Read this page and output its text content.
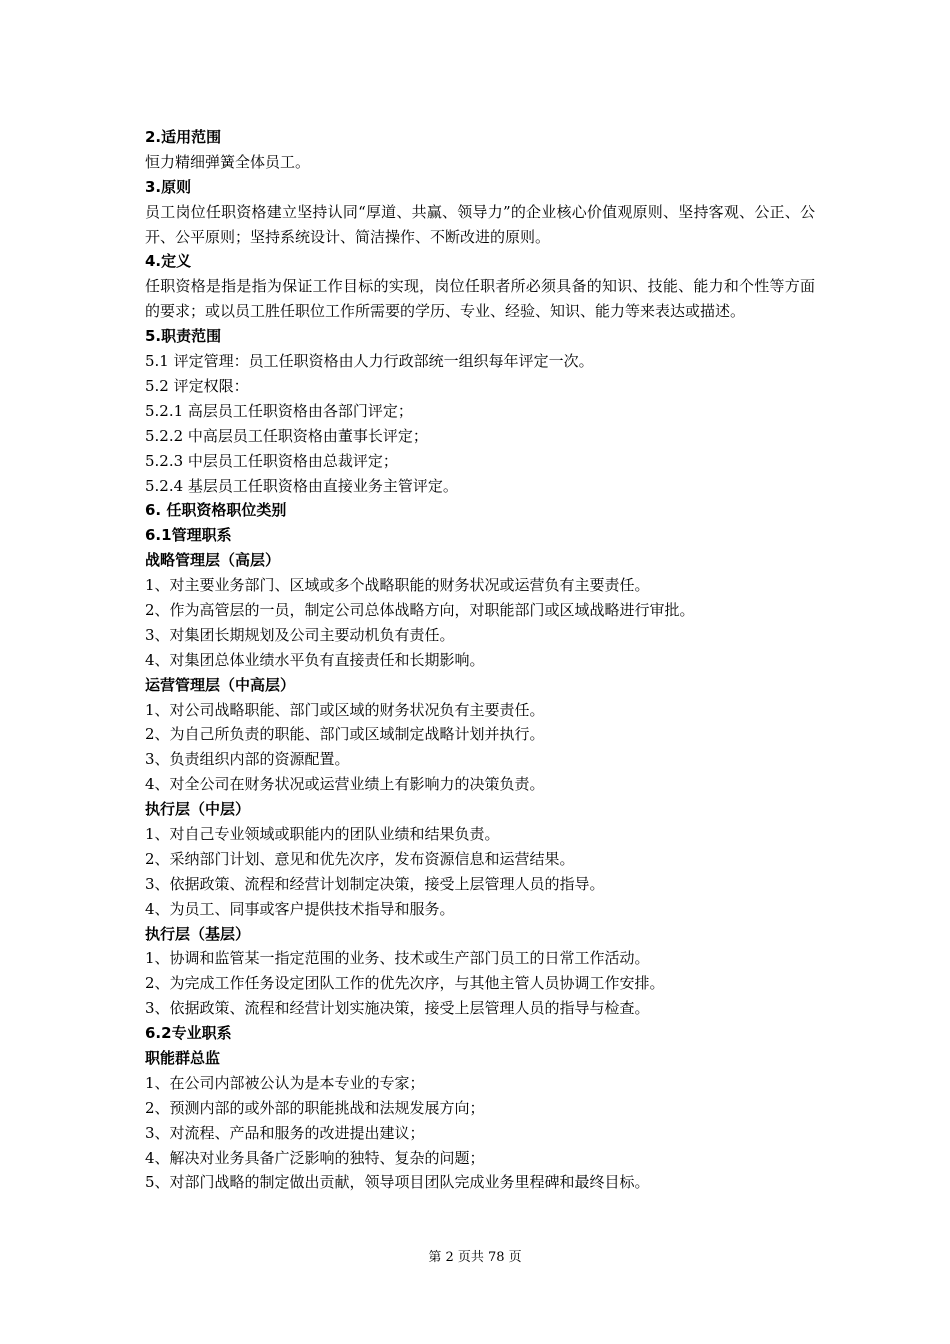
2.适用范围
恒力精细弹簧全体员工。
3.原则
员工岗位任职资格建立坚持认同“厚道、共赢、领导力”的企业核心价值观原则、坚持客观、公正、公开、公平原则；坚持系统设计、简洁操作、不断改进的原则。
4.定义
任职资格是指是指为保证工作目标的实现，岗位任职者所必须具备的知识、技能、能力和个性等方面的要求；或以员工胜任职位工作所需要的学历、专业、经验、知识、能力等来表达或描述。
5.职责范围
5.1 评定管理：员工任职资格由人力行政部统一组织每年评定一次。
5.2 评定权限：
5.2.1 高层员工任职资格由各部门评定；
5.2.2 中高层员工任职资格由董事长评定；
5.2.3 中层员工任职资格由总裁评定；
5.2.4 基层员工任职资格由直接业务主管评定。
6. 任职资格职位类别
6.1管理职系
战略管理层（高层）
1、对主要业务部门、区域或多个战略职能的财务状况或运营负有主要责任。
2、作为高管层的一员，制定公司总体战略方向，对职能部门或区域战略进行审批。
3、对集团长期规划及公司主要动机负有责任。
4、对集团总体业绩水平负有直接责任和长期影响。
运营管理层（中高层）
1、对公司战略职能、部门或区域的财务状况负有主要责任。
2、为自己所负责的职能、部门或区域制定战略计划并执行。
3、负责组织内部的资源配置。
4、对全公司在财务状况或运营业绩上有影响力的决策负责。
执行层（中层）
1、对自己专业领域或职能内的团队业绩和结果负责。
2、采纳部门计划、意见和优先次序，发布资源信息和运营结果。
3、依据政策、流程和经营计划制定决策，接受上层管理人员的指导。
4、为员工、同事或客户提供技术指导和服务。
执行层（基层）
1、协调和监管某一指定范围的业务、技术或生产部门员工的日常工作活动。
2、为完成工作任务设定团队工作的优先次序，与其他主管人员协调工作安排。
3、依据政策、流程和经营计划实施决策，接受上层管理人员的指导与检查。
6.2专业职系
职能群总监
1、在公司内部被公认为是本专业的专家；
2、预测内部的或外部的职能挑战和法规发展方向；
3、对流程、产品和服务的改进提出建议；
4、解决对业务具备广泛影响的独特、复杂的问题；
5、对部门战略的制定做出贡献，领导项目团队完成业务里程碑和最终目标。
第 2 页共 78 页
